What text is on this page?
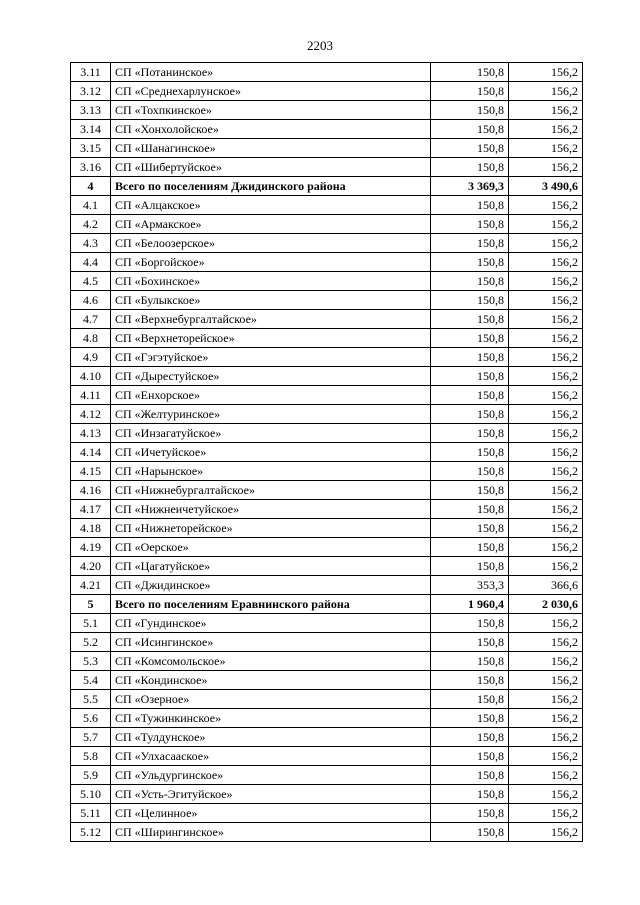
2203
3.11	СП «Потанинское»	150,8	156,2
3.12	СП «Среднехарлунское»	150,8	156,2
3.13	СП «Тохпкинское»	150,8	156,2
3.14	СП «Хонхолойское»	150,8	156,2
3.15	СП «Шанагинское»	150,8	156,2
3.16	СП «Шибертуйское»	150,8	156,2
4	Всего по поселениям Джидинского района	3 369,3	3 490,6
4.1	СП «Алцакское»	150,8	156,2
4.2	СП «Армакское»	150,8	156,2
4.3	СП «Белоозерское»	150,8	156,2
4.4	СП «Боргойское»	150,8	156,2
4.5	СП «Бохинское»	150,8	156,2
4.6	СП «Булыкское»	150,8	156,2
4.7	СП «Верхнебургалтайское»	150,8	156,2
4.8	СП «Верхнеторейское»	150,8	156,2
4.9	СП «Гэгэтуйское»	150,8	156,2
4.10	СП «Дырестуйское»	150,8	156,2
4.11	СП «Енхорское»	150,8	156,2
4.12	СП «Желтуринское»	150,8	156,2
4.13	СП «Инзагатуйское»	150,8	156,2
4.14	СП «Ичетуйское»	150,8	156,2
4.15	СП «Нарынское»	150,8	156,2
4.16	СП «Нижнебургалтайское»	150,8	156,2
4.17	СП «Нижнеичетуйское»	150,8	156,2
4.18	СП «Нижнеторейское»	150,8	156,2
4.19	СП «Оерское»	150,8	156,2
4.20	СП «Цагатуйское»	150,8	156,2
4.21	СП «Джидинское»	353,3	366,6
5	Всего по поселениям Еравнинского района	1 960,4	2 030,6
5.1	СП «Гундинское»	150,8	156,2
5.2	СП «Исингинское»	150,8	156,2
5.3	СП «Комсомольское»	150,8	156,2
5.4	СП «Кондинское»	150,8	156,2
5.5	СП «Озерное»	150,8	156,2
5.6	СП «Тужинкинское»	150,8	156,2
5.7	СП «Тулдунское»	150,8	156,2
5.8	СП «Улхасаaское»	150,8	156,2
5.9	СП «Ульдургинское»	150,8	156,2
5.10	СП «Усть-Эгитуйское»	150,8	156,2
5.11	СП «Целинное»	150,8	156,2
5.12	СП «Ширингинское»	150,8	156,2
